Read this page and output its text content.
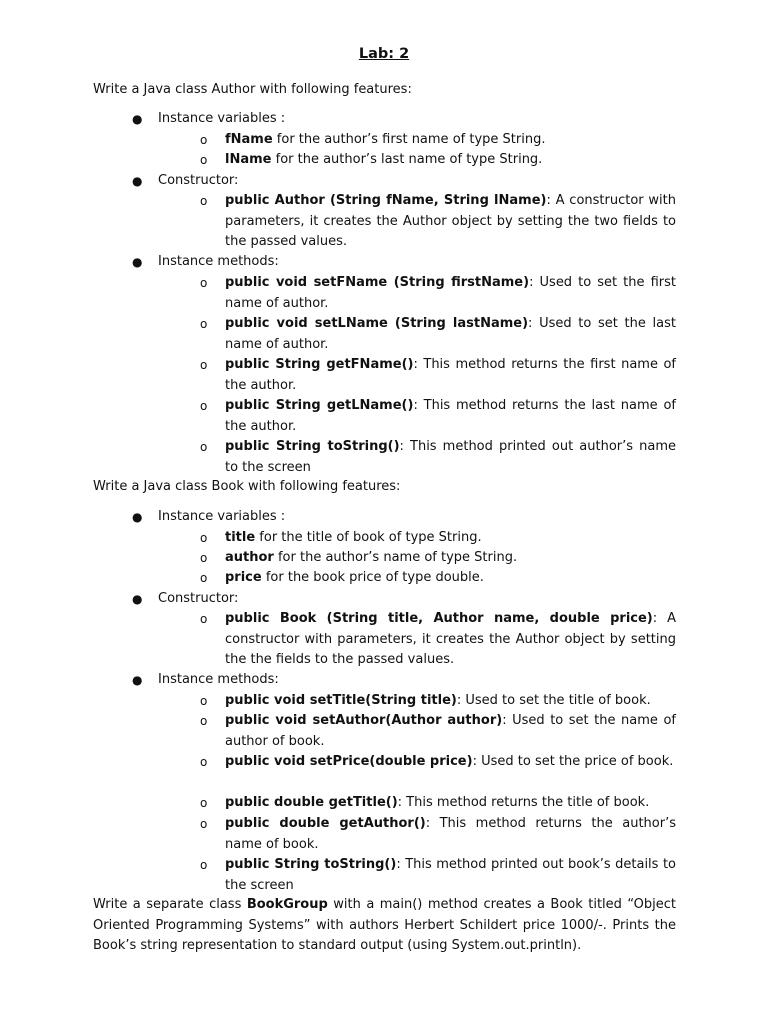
Lab: 2
Write a Java class Author with following features:
● Instance variables :
o fName for the author’s first name of type String.
o lName for the author’s last name of type String.
● Constructor:
o public Author (String fName, String lName): A constructor with parameters, it creates the Author object by setting the two fields to the passed values.
● Instance methods:
o public void setFName (String firstName): Used to set the first name of author.
o public void setLName (String lastName): Used to set the last name of author.
o public String getFName(): This method returns the first name of the author.
o public String getLName(): This method returns the last name of the author.
o public String toString(): This method printed out author’s name to the screen
Write a Java class Book with following features:
● Instance variables :
o title for the title of book of type String.
o author for the author’s name of type String.
o price for the book price of type double.
● Constructor:
o public Book (String title, Author name, double price): A constructor with parameters, it creates the Author object by setting the the fields to the passed values.
● Instance methods:
o public void setTitle(String title): Used to set the title of book.
o public void setAuthor(Author author): Used to set the name of author of book.
o public void setPrice(double price): Used to set the price of book.
o public double getTitle(): This method returns the title of book.
o public double getAuthor(): This method returns the author’s name of book.
o public String toString(): This method printed out book’s details to the screen
Write a separate class BookGroup with a main() method creates a Book titled “Object Oriented Programming Systems” with authors Herbert Schildert price 1000/-. Prints the Book’s string representation to standard output (using System.out.println).
